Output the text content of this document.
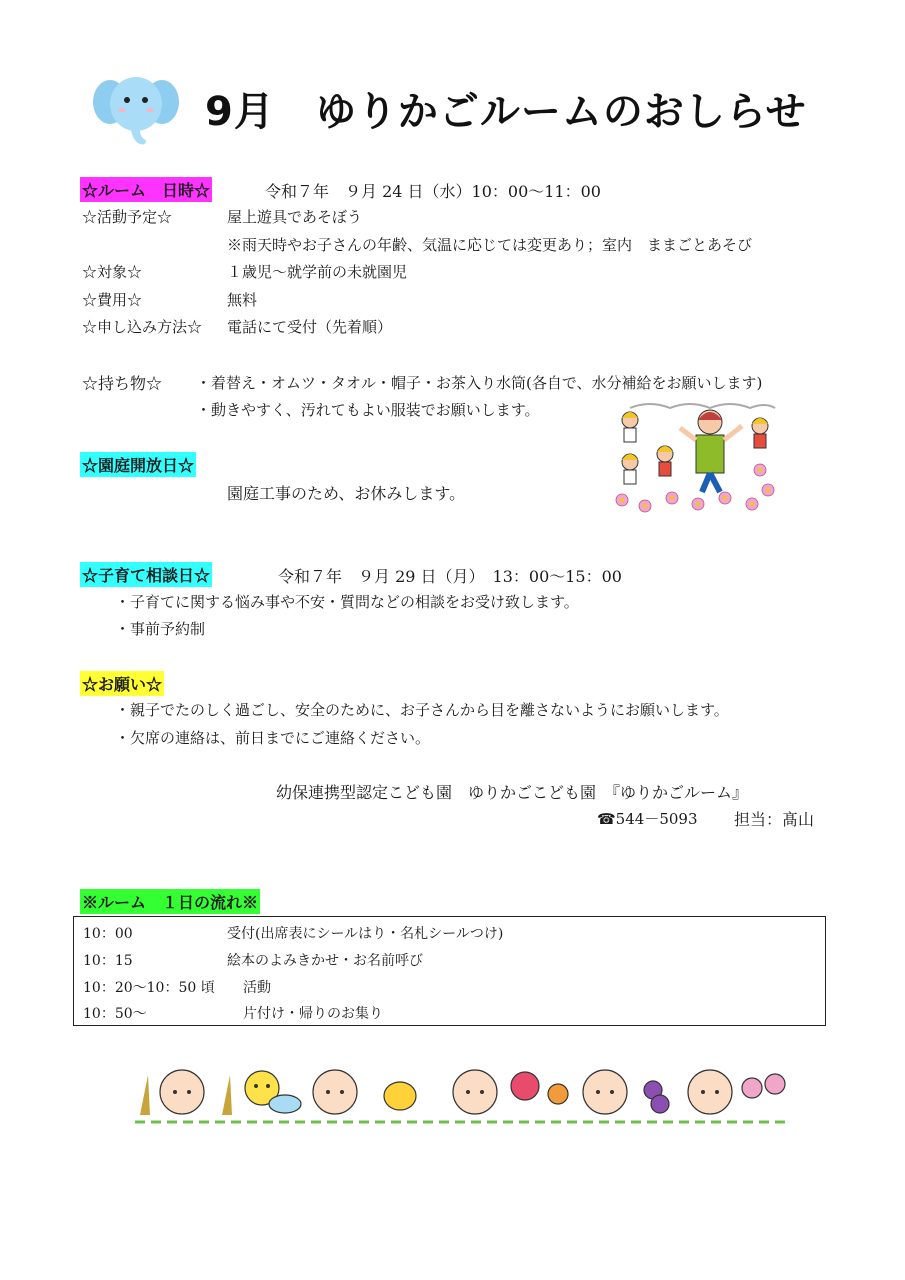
9月　ゆりかごルームのおしらせ
☆ルーム　日時☆	令和７年　９月 24 日（水）10：00〜11：00
☆活動予定☆	屋上遊具であそぼう
※雨天時やお子さんの年齢、気温に応じては変更あり；室内　ままごとあそび
☆対象☆	１歳児〜就学前の未就園児
☆費用☆	無料
☆申し込み方法☆ 電話にて受付（先着順）
☆持ち物☆ ・着替え・オムツ・タオル・帽子・お茶入り水筒(各自で、水分補給をお願いします)
・動きやすく、汚れてもよい服装でお願いします。
☆園庭開放日☆
園庭工事のため、お休みします。
☆子育て相談日☆	令和７年　９月 29 日（月）　13：00〜15：00
・子育てに関する悩み事や不安・質問などの相談をお受け致します。
・事前予約制
☆お願い☆
・親子でたのしく過ごし、安全のために、お子さんから目を離さないようにお願いします。
・欠席の連絡は、前日までにご連絡ください。
幼保連携型認定こども園　ゆりかごこども園　『ゆりかごルーム』
☎544－5093 担当：髙山
※ルーム　１日の流れ※
10：00	受付(出席表にシールはり・名札シールつけ)
10：15	絵本のよみきかせ・お名前呼び
10：20〜10：50 頃 活動
10：50〜	片付け・帰りのお集り
